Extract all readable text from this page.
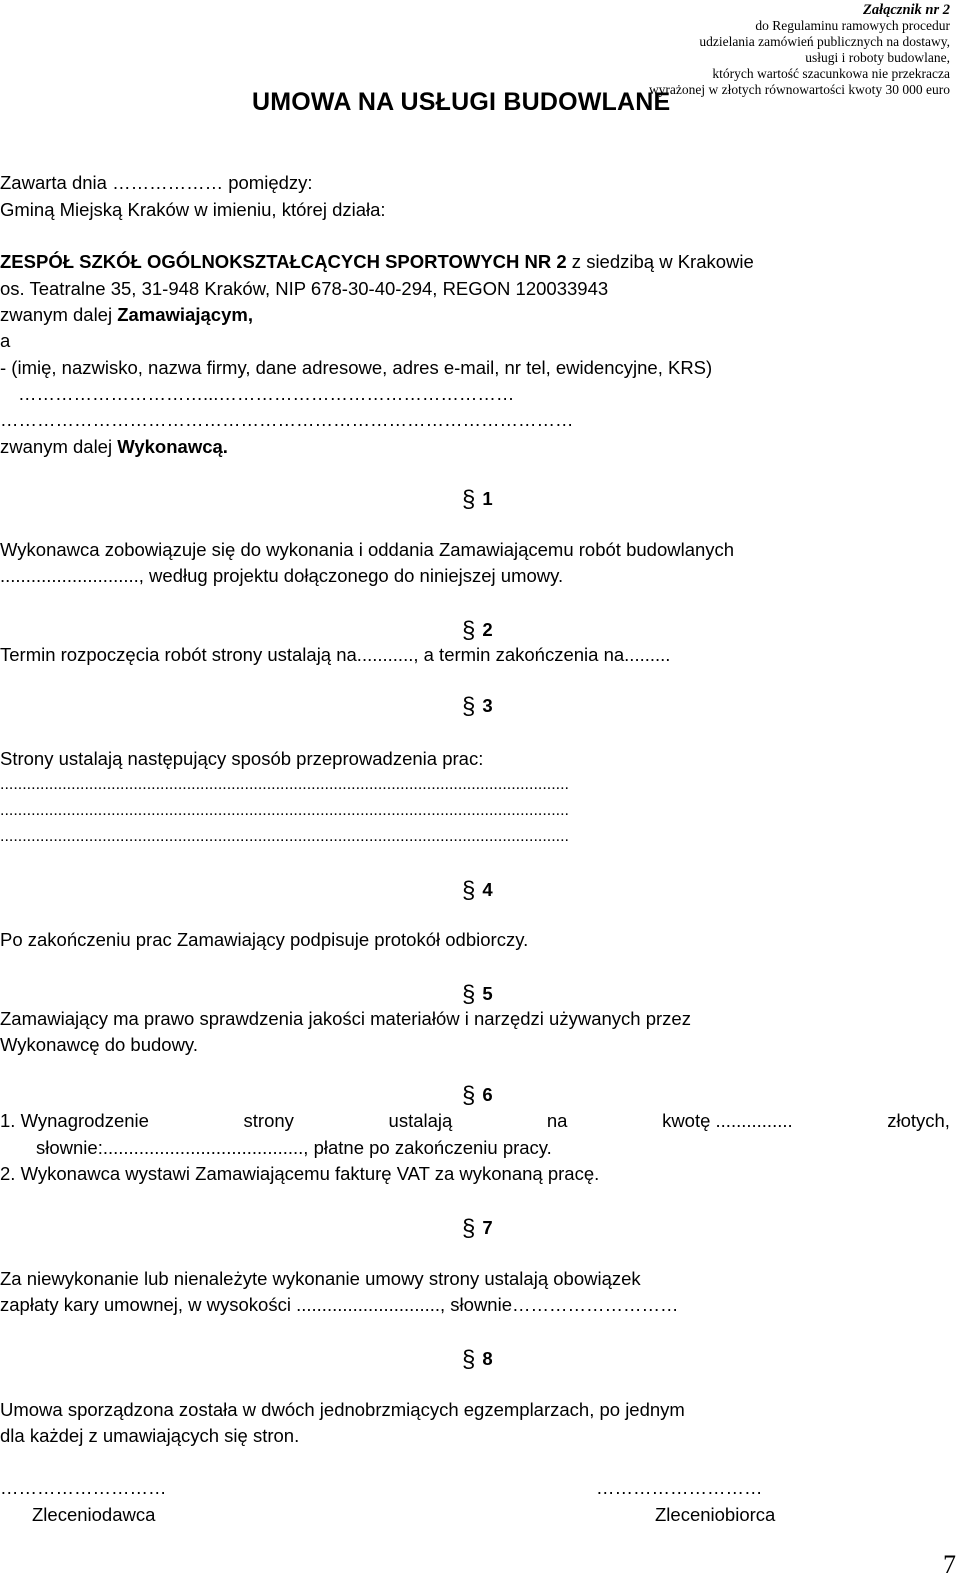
Załącznik nr 2
do Regulaminu ramowych procedur
udzielania zamówień publicznych na dostawy,
usługi i roboty budowlane,
których wartość szacunkowa nie przekracza
wyrażonej w złotych równowartości kwoty 30 000 euro
UMOWA NA USŁUGI BUDOWLANE
Zawarta dnia ……………… pomiędzy:
Gminą Miejską Kraków w imieniu, której działa:
ZESPÓŁ SZKÓŁ OGÓLNOKSZTAŁCĄCYCH SPORTOWYCH NR 2 z siedzibą w Krakowie
os. Teatralne 35, 31-948 Kraków, NIP 678-30-40-294, REGON 120033943
zwanym dalej Zamawiającym,
a
- (imię, nazwisko, nazwa firmy, dane adresowe, adres e-mail, nr tel, ewidencyjne, KRS)
…………………………...…………………………………………
…………………………………………………………………………………
zwanym dalej Wykonawcą.
§ 1
Wykonawca zobowiązuje się do wykonania i oddania Zamawiającemu robót budowlanych
..........................., według projektu dołączonego do niniejszej umowy.
§ 2
Termin rozpoczęcia robót strony ustalają na..........., a termin zakończenia na.........
§ 3
Strony ustalają następujący sposób przeprowadzenia prac:
................................................................................................................................
................................................................................................................................
................................................................................................................................
§ 4
Po zakończeniu prac Zamawiający podpisuje protokół odbiorczy.
§ 5
Zamawiający ma prawo sprawdzenia jakości materiałów i narzędzi używanych przez
Wykonawcę do budowy.
§ 6
1. Wynagrodzenie	strony	ustalają	na	kwotę ...............	złotych,
słownie:......................................., płatne po zakończeniu pracy.
2. Wykonawca wystawi Zamawiającemu fakturę VAT za wykonaną pracę.
§ 7
Za niewykonanie lub nienależyte wykonanie umowy strony ustalają obowiązek
zapłaty kary umownej, w wysokości ............................, słownie………………………
§ 8
Umowa sporządzona została w dwóch jednobrzmiących egzemplarzach, po jednym
dla każdej z umawiających się stron.
………………………	………………………
Zleceniodawca	Zleceniobiorca
7
